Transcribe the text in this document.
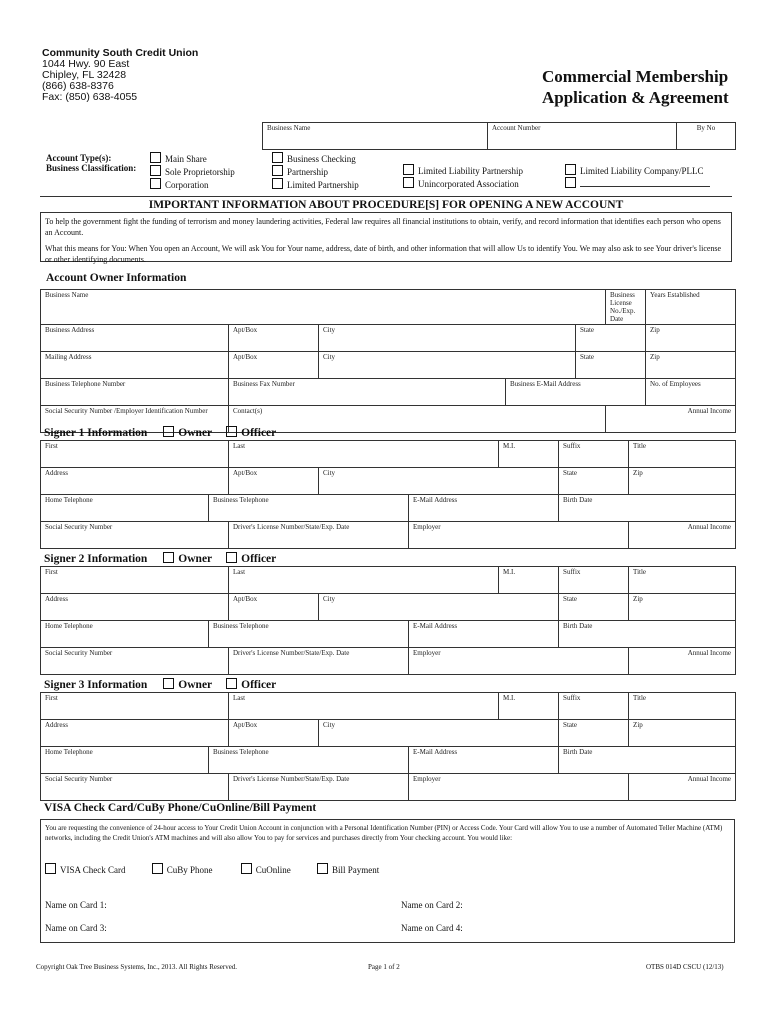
Community South Credit Union
1044 Hwy. 90 East
Chipley, FL 32428
(866) 638-8376
Fax: (850) 638-4055
Commercial Membership
Application & Agreement
Business Name	Account Number	By No
Account Type(s):
Business Classification:
Main Share
Sole Proprietorship
Corporation
Business Checking
Partnership
Limited Partnership
Limited Liability Partnership
Unincorporated Association
Limited Liability Company/PLLC
IMPORTANT INFORMATION ABOUT PROCEDURE[S] FOR OPENING A NEW ACCOUNT
To help the government fight the funding of terrorism and money laundering activities, Federal law requires all financial institutions to obtain, verify, and record information that identifies each person who opens an Account.
What this means for You: When You open an Account, We will ask You for Your name, address, date of birth, and other information that will allow Us to identify You. We may also ask to see Your driver's license or other identifying documents.
Account Owner Information
Business Name					Business License No./Exp. Date	Years Established
Business Address	Apt/Box	City		State		Zip
Mailing Address	Apt/Box	City		State		Zip
Business Telephone Number	Business Fax Number		Business E-Mail Address			No. of Employees
Social Security Number /Employer Identification Number	Contact(s)				Annual Income	
Signer 1 Information	Owner	Officer
First		Last			M.I.	Suffix	Title
Address		Apt/Box	City			State	Zip
Home Telephone	Business Telephone			E-Mail Address		Birth Date	
Social Security Number		Driver's License Number/State/Exp. Date		Employer			Annual Income
Signer 2 Information	Owner	Officer
First		Last			M.I.	Suffix	Title
Address		Apt/Box	City			State	Zip
Home Telephone	Business Telephone			E-Mail Address		Birth Date	
Social Security Number		Driver's License Number/State/Exp. Date		Employer			Annual Income
Signer 3 Information	Owner	Officer
First		Last			M.I.	Suffix	Title
Address		Apt/Box	City			State	Zip
Home Telephone	Business Telephone			E-Mail Address		Birth Date	
Social Security Number		Driver's License Number/State/Exp. Date		Employer			Annual Income
VISA Check Card/CuBy Phone/CuOnline/Bill Payment
You are requesting the convenience of 24-hour access to Your Credit Union Account in conjunction with a Personal Identification Number (PIN) or Access Code. Your Card will allow You to use a number of Automated Teller Machine (ATM) networks, including the Credit Union's ATM machines and will also allow You to pay for services and purchases directly from Your checking account. You would like:
VISA Check Card	CuBy Phone	CuOnline	Bill Payment
Name on Card 1:	Name on Card 2:
Name on Card 3:	Name on Card 4:
Copyright Oak Tree Business Systems, Inc., 2013. All Rights Reserved.	Page 1 of 2	OTBS 014D CSCU (12/13)
